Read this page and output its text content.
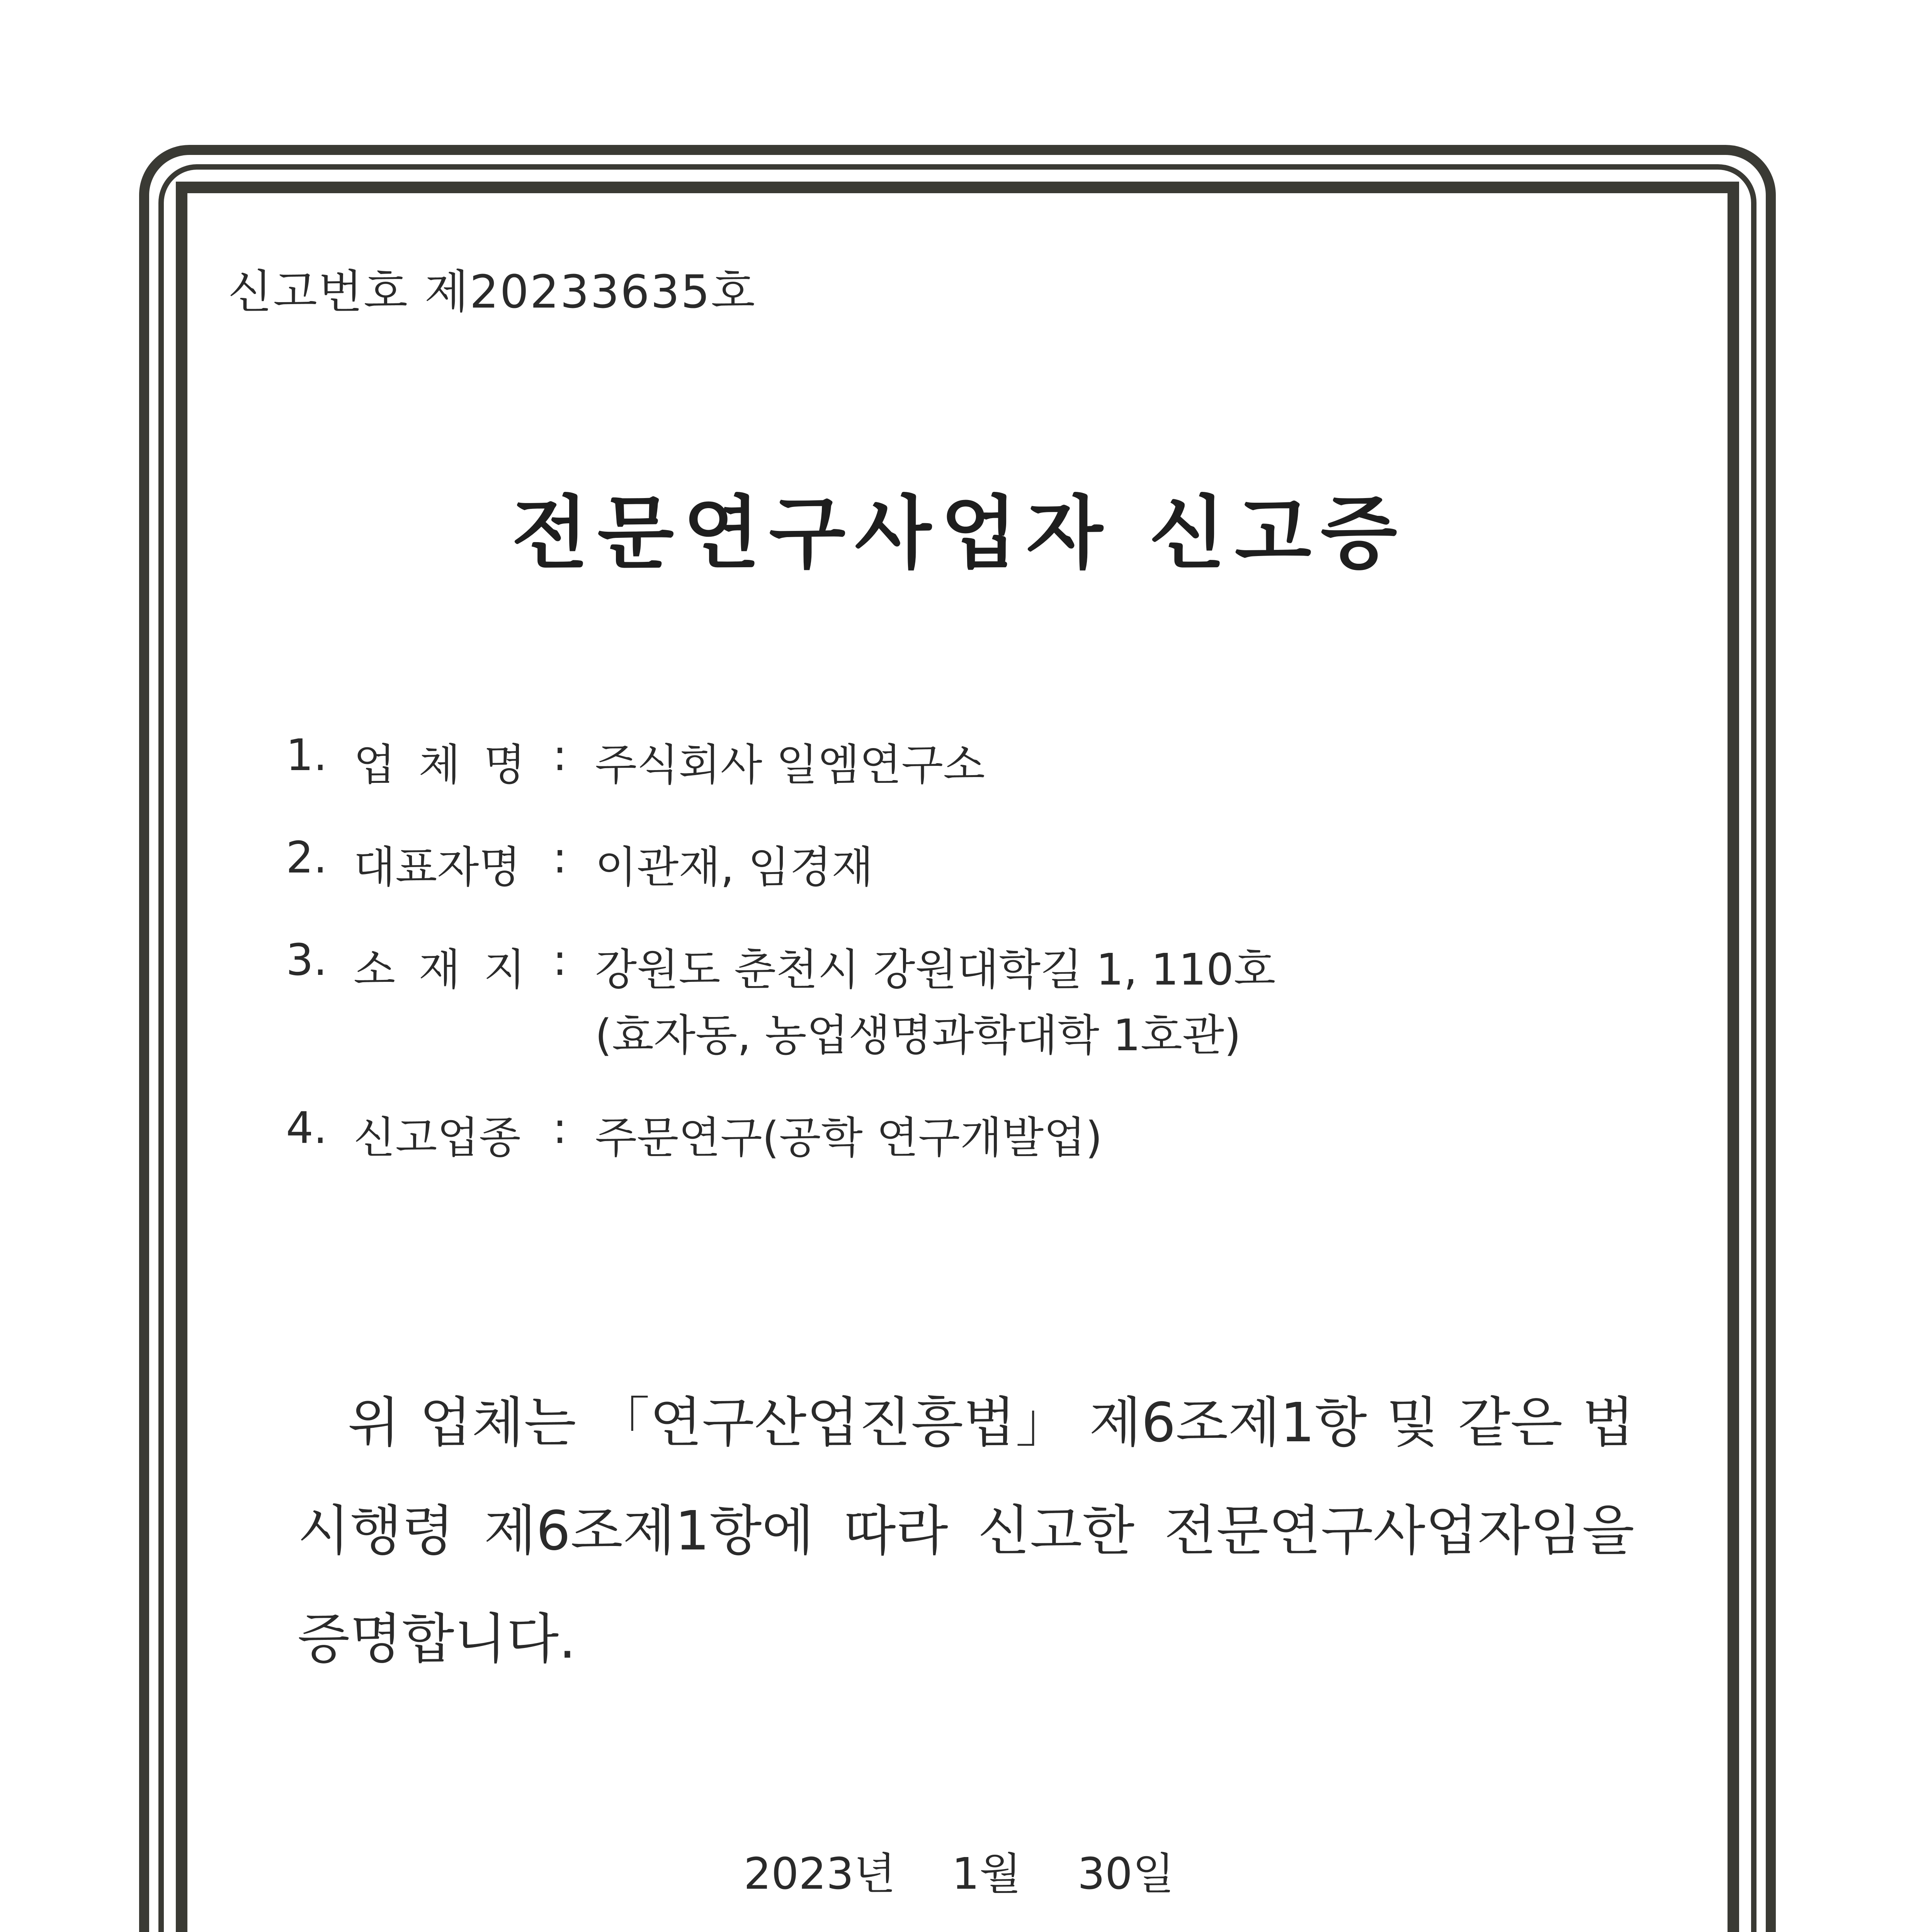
신고번호 제20233635호
전문연구사업자 신고증
1. 업 체 명 : 주식회사 일엠연구소
2. 대표자명 : 이관재, 임경재
3. 소 재 지 : 강원도 춘천시 강원대학길 1, 110호
(효자동, 농업생명과학대학 1호관)
4. 신고업종 : 주문연구(공학 연구개발업)
위 업체는 「연구산업진흥법」 제6조제1항 및 같은 법
시행령 제6조제1항에 따라 신고한 전문연구사업자임을
증명합니다.
2023년 1월 30일
